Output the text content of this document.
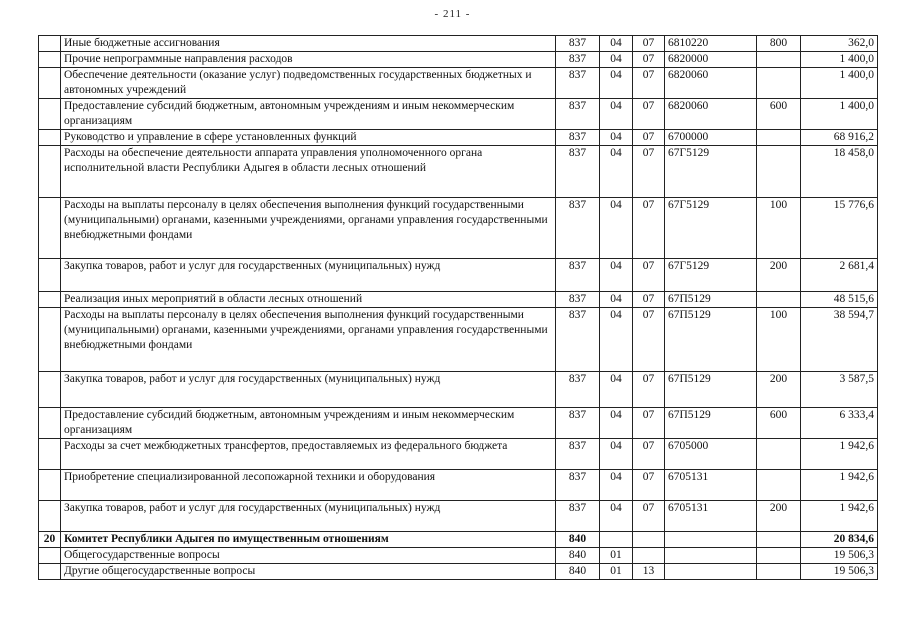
- 211 -
	Иные бюджетные ассигнования	837	04	07	6810220	800	362,0
	Прочие непрограммные направления расходов	837	04	07	6820000		1 400,0
	Обеспечение деятельности (оказание услуг) подведомственных государственных бюджетных и автономных учреждений	837	04	07	6820060		1 400,0
	Предоставление субсидий бюджетным, автономным учреждениям и иным некоммерческим организациям	837	04	07	6820060	600	1 400,0
	Руководство и управление в сфере установленных функций	837	04	07	6700000		68 916,2
	Расходы на обеспечение деятельности аппарата управления уполномоченного органа исполнительной власти Республики Адыгея в области лесных отношений	837	04	07	67Г5129		18 458,0
	Расходы на выплаты персоналу в целях обеспечения выполнения функций государственными (муниципальными) органами, казенными учреждениями, органами управления государственными внебюджетными фондами	837	04	07	67Г5129	100	15 776,6
	Закупка товаров, работ и услуг для государственных (муниципальных) нужд	837	04	07	67Г5129	200	2 681,4
	Реализация иных мероприятий в области лесных отношений	837	04	07	67П5129		48 515,6
	Расходы на выплаты персоналу в целях обеспечения выполнения функций государственными (муниципальными) органами, казенными учреждениями, органами управления государственными внебюджетными фондами	837	04	07	67П5129	100	38 594,7
	Закупка товаров, работ и услуг для государственных (муниципальных) нужд	837	04	07	67П5129	200	3 587,5
	Предоставление субсидий бюджетным, автономным учреждениям и иным некоммерческим организациям	837	04	07	67П5129	600	6 333,4
	Расходы за счет межбюджетных трансфертов, предоставляемых из федерального бюджета	837	04	07	6705000		1 942,6
	Приобретение специализированной лесопожарной техники и оборудования	837	04	07	6705131		1 942,6
	Закупка товаров, работ и услуг для государственных (муниципальных) нужд	837	04	07	6705131	200	1 942,6
20	Комитет Республики Адыгея по имущественным отношениям	840					20 834,6
	Общегосударственные вопросы	840	01				19 506,3
	Другие общегосударственные вопросы	840	01	13			19 506,3
